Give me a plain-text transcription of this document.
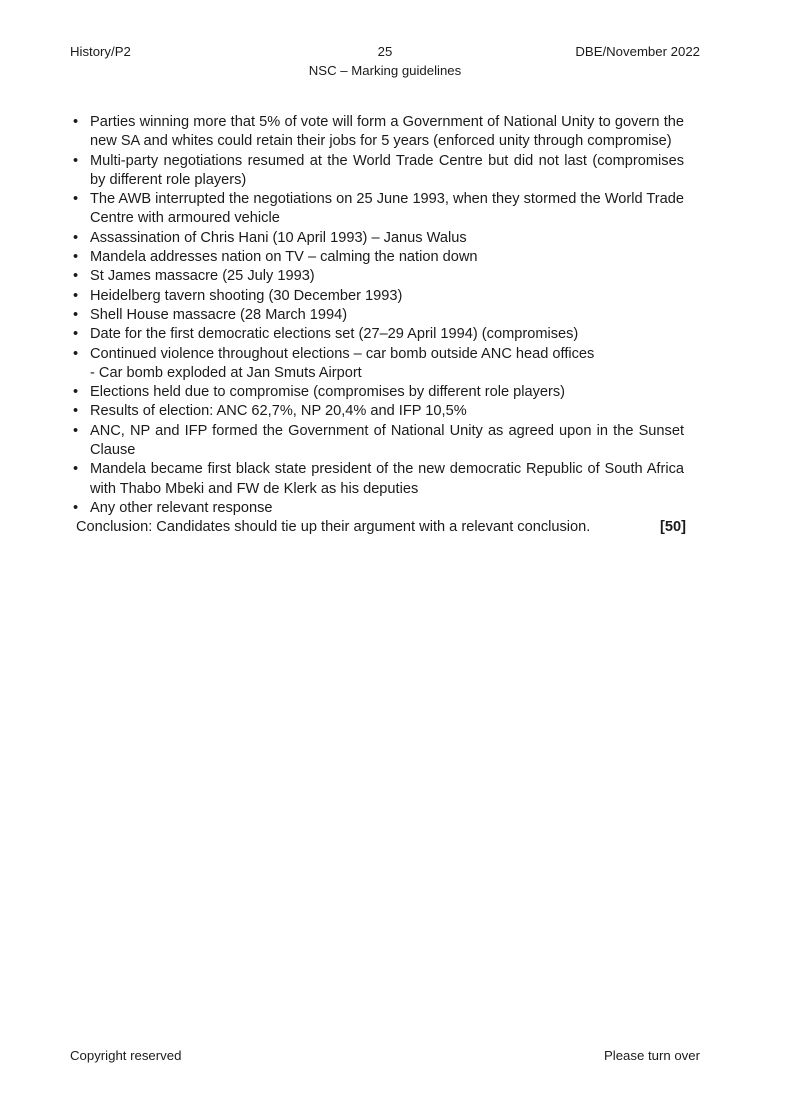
History/P2	25	DBE/November 2022
NSC – Marking guidelines
• Parties winning more that 5% of vote will form a Government of National Unity to govern the new SA and whites could retain their jobs for 5 years (enforced unity through compromise)
• Multi-party negotiations resumed at the World Trade Centre but did not last (compromises by different role players)
• The AWB interrupted the negotiations on 25 June 1993, when they stormed the World Trade Centre with armoured vehicle
• Assassination of Chris Hani (10 April 1993) – Janus Walus
• Mandela addresses nation on TV – calming the nation down
• St James massacre (25 July 1993)
• Heidelberg tavern shooting (30 December 1993)
• Shell House massacre (28 March 1994)
• Date for the first democratic elections set (27–29 April 1994) (compromises)
• Continued violence throughout elections – car bomb outside ANC head offices
- Car bomb exploded at Jan Smuts Airport
• Elections held due to compromise (compromises by different role players)
• Results of election: ANC 62,7%, NP 20,4% and IFP 10,5%
• ANC, NP and IFP formed the Government of National Unity as agreed upon in the Sunset Clause
• Mandela became first black state president of the new democratic Republic of South Africa with Thabo Mbeki and FW de Klerk as his deputies
• Any other relevant response
Conclusion: Candidates should tie up their argument with a relevant conclusion.	[50]
Copyright reserved	Please turn over
